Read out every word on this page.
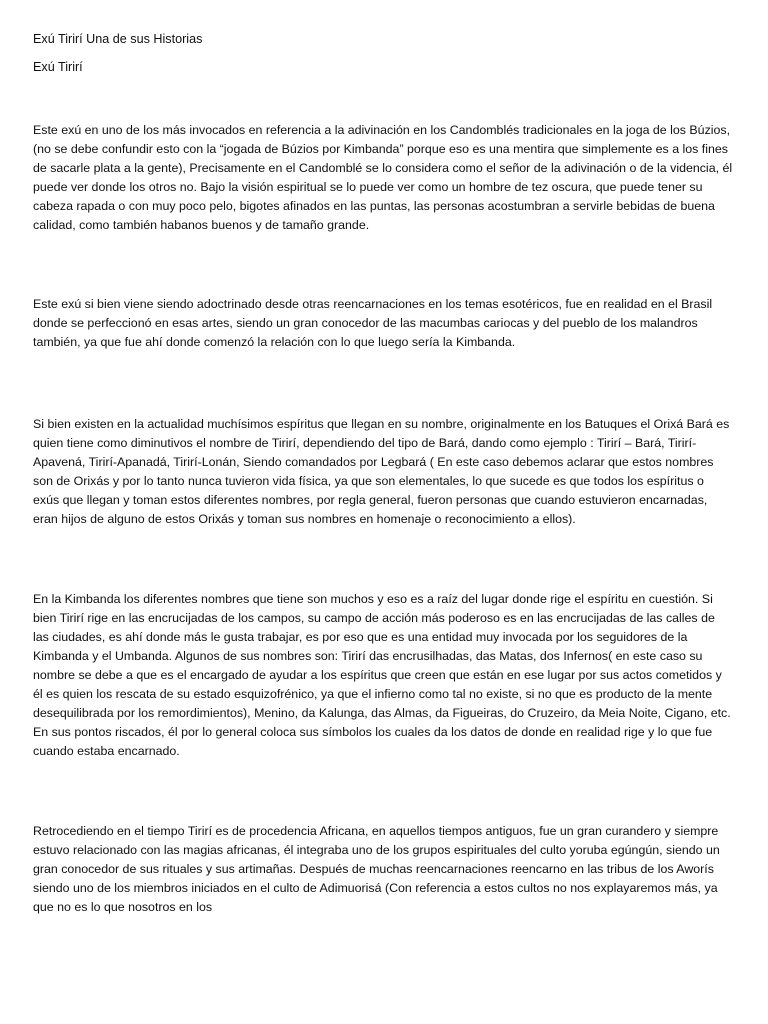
Exú Tirirí Una de sus Historias

Exú Tirirí

Este exú en uno de los más invocados en referencia a la adivinación en los Candomblés tradicionales en la joga de los Búzios, (no se debe confundir esto con la “jogada de Búzios por Kimbanda” porque eso es una mentira que simplemente es a los fines de sacarle plata a la gente), Precisamente en el Candomblé se lo considera como el señor de la adivinación o de la videncia, él puede ver donde los otros no. Bajo la visión espiritual se lo puede ver como un hombre de tez oscura, que puede tener su cabeza rapada o con muy poco pelo, bigotes afinados en las puntas, las personas acostumbran a servirle bebidas de buena calidad, como también habanos buenos y de tamaño grande.

Este exú si bien viene siendo adoctrinado desde otras reencarnaciones en los temas esotéricos, fue en realidad en el Brasil donde se perfeccionó en esas artes, siendo un gran conocedor de las macumbas cariocas y del pueblo de los malandros también, ya que fue ahí donde comenzó la relación con lo que luego sería la Kimbanda.

Si bien existen en la actualidad muchísimos espíritus que llegan en su nombre, originalmente en los Batuques el Orixá Bará es quien tiene como diminutivos el nombre de Tirirí, dependiendo del tipo de Bará, dando como ejemplo : Tirirí – Bará, Tirirí-Apavená, Tirirí-Apanadá, Tirirí-Lonán, Siendo comandados por Legbará ( En este caso debemos aclarar que estos nombres son de Orixás y por lo tanto nunca tuvieron vida física, ya que son elementales, lo que sucede es que todos los espíritus o exús que llegan y toman estos diferentes nombres, por regla general, fueron personas que cuando estuvieron encarnadas, eran hijos de alguno de estos Orixás y toman sus nombres en homenaje o reconocimiento a ellos).

En la Kimbanda los diferentes nombres que tiene son muchos y eso es a raíz del lugar donde rige el espíritu en cuestión. Si bien Tirirí rige en las encrucijadas de los campos, su campo de acción más poderoso es en las encrucijadas de las calles de las ciudades, es ahí donde más le gusta trabajar, es por eso que es una entidad muy invocada por los seguidores de la Kimbanda y el Umbanda. Algunos de sus nombres son: Tirirí das encrusilhadas, das Matas, dos Infernos( en este caso su nombre se debe a que es el encargado de ayudar a los espíritus que creen que están en ese lugar por sus actos cometidos y él es quien los rescata de su estado esquizofrénico, ya que el infierno como tal no existe, si no que es producto de la mente desequilibrada por los remordimientos), Menino, da Kalunga, das Almas, da Figueiras, do Cruzeiro, da Meia Noite, Cigano, etc. En sus pontos riscados, él por lo general coloca sus símbolos los cuales da los datos de donde en realidad rige y lo que fue cuando estaba encarnado.

Retrocediendo en el tiempo Tirirí es de procedencia Africana, en aquellos tiempos antiguos, fue un gran curandero y siempre estuvo relacionado con las magias africanas, él integraba uno de los grupos espirituales del culto yoruba egúngún, siendo un gran conocedor de sus rituales y sus artimañas. Después de muchas reencarnaciones reencarno en las tribus de los Aworís siendo uno de los miembros iniciados en el culto de Adimuorisá (Con referencia a estos cultos no nos explayaremos más, ya que no es lo que nosotros en los
